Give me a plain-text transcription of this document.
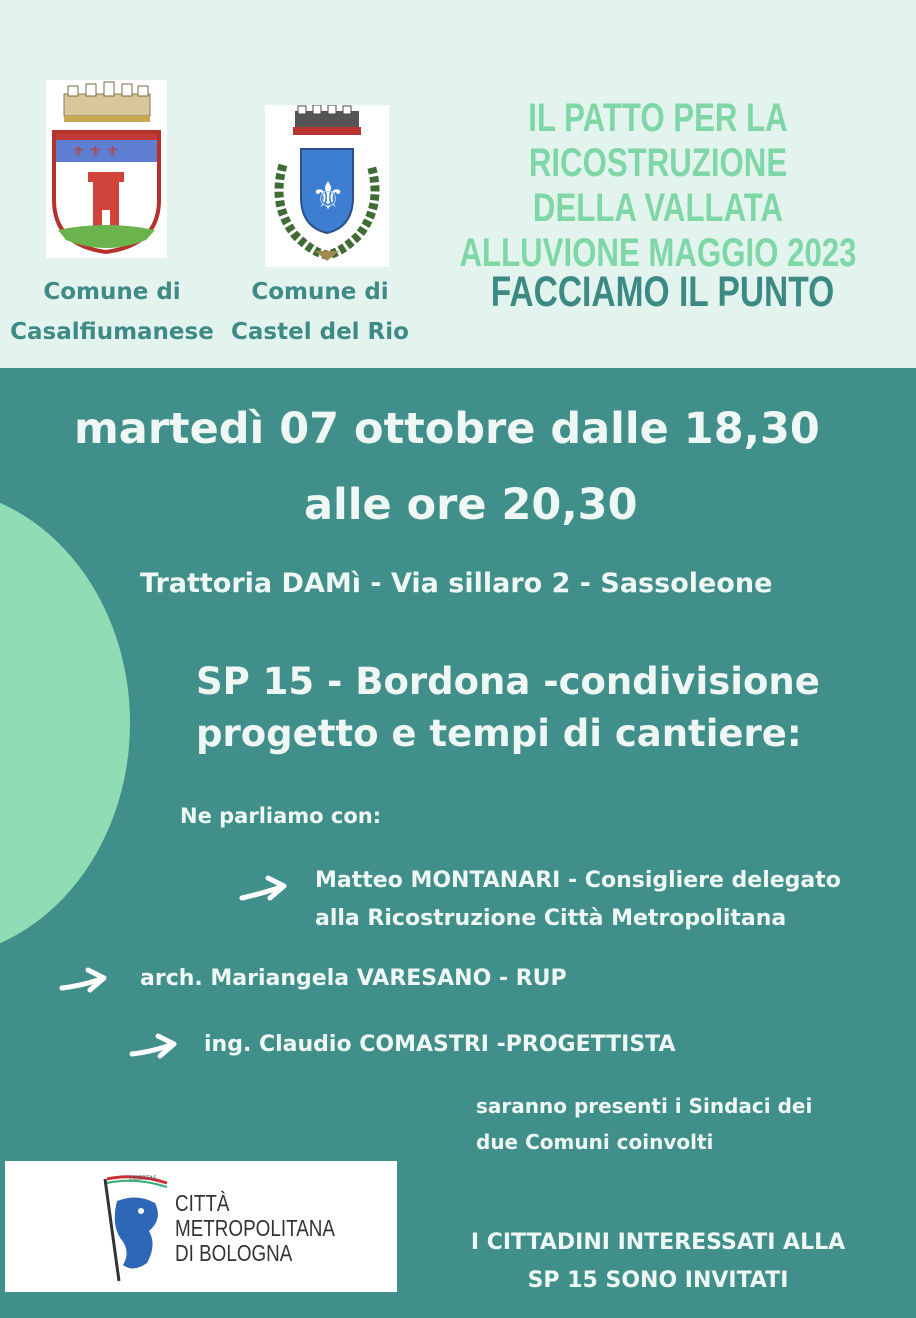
⚜ ⚜ ⚜
⚜
Comune di
Casalfiumanese
Comune di
Castel del Rio
IL PATTO PER LA RICOSTRUZIONE
DELLA VALLATA
ALLUVIONE MAGGIO 2023
FACCIAMO IL PUNTO
martedì 07 ottobre dalle 18,30
alle ore 20,30
Trattoria DAMì - Via sillaro 2 - Sassoleone
SP 15 - Bordona -condivisione
progetto e tempi di cantiere:
Ne parliamo con:
Matteo MONTANARI - Consigliere delegato
alla Ricostruzione Città Metropolitana
arch. Mariangela VARESANO - RUP
ing. Claudio COMASTRI -PROGETTISTA
saranno presenti i Sindaci dei
due Comuni coinvolti
LIBERTAS
CITTÀ
METROPOLITANA
DI BOLOGNA	I CITTADINI INTERESSATI ALLA
SP 15 SONO INVITATI
